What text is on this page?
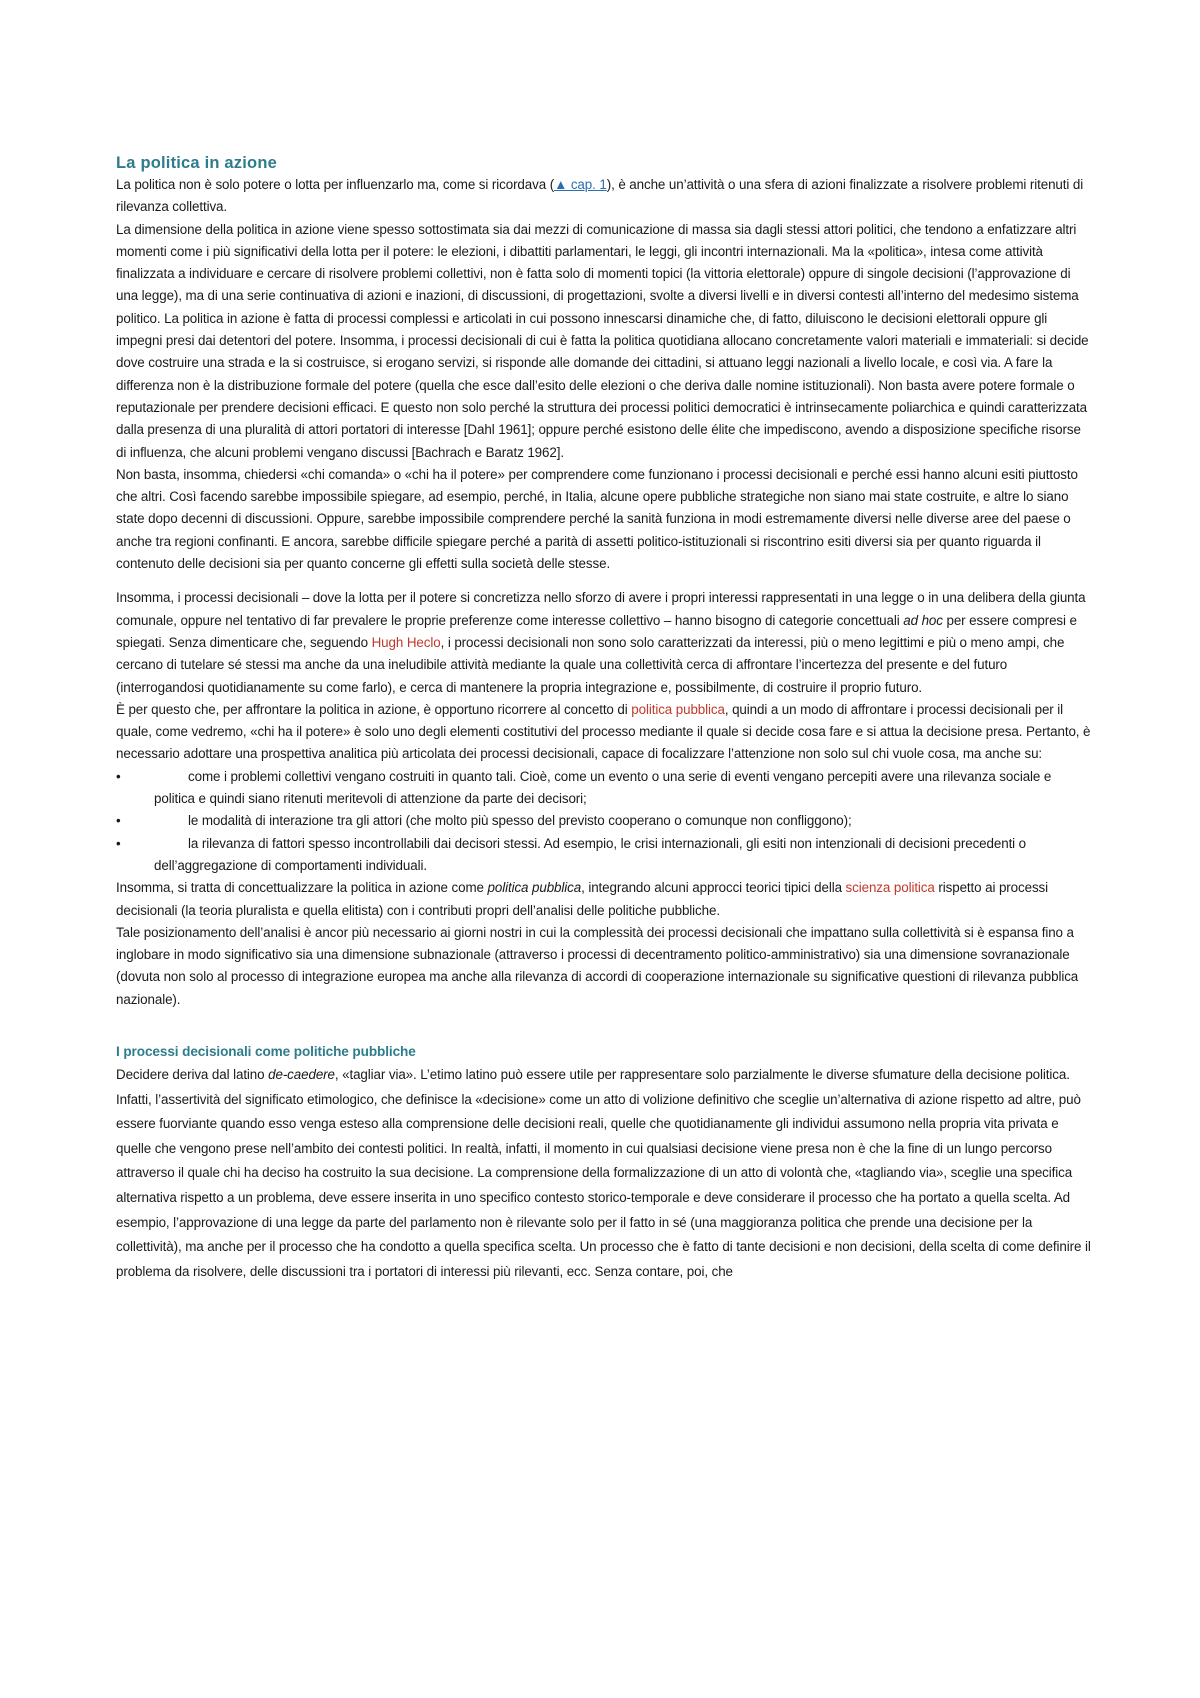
La politica in azione

La politica non è solo potere o lotta per influenzarlo ma, come si ricordava (▲ cap. 1), è anche un’attività o una sfera di azioni finalizzate a risolvere problemi ritenuti di rilevanza collettiva.

La dimensione della politica in azione viene spesso sottostimata sia dai mezzi di comunicazione di massa sia dagli stessi attori politici, che tendono a enfatizzare altri momenti come i più significativi della lotta per il potere: le elezioni, i dibattiti parlamentari, le leggi, gli incontri internazionali. Ma la «politica», intesa come attività finalizzata a individuare e cercare di risolvere problemi collettivi, non è fatta solo di momenti topici (la vittoria elettorale) oppure di singole decisioni (l’approvazione di una legge), ma di una serie continuativa di azioni e inazioni, di discussioni, di progettazioni, svolte a diversi livelli e in diversi contesti all’interno del medesimo sistema politico. La politica in azione è fatta di processi complessi e articolati in cui possono innescarsi dinamiche che, di fatto, diluiscono le decisioni elettorali oppure gli impegni presi dai detentori del potere. Insomma, i processi decisionali di cui è fatta la politica quotidiana allocano concretamente valori materiali e immateriali: si decide dove costruire una strada e la si costruisce, si erogano servizi, si risponde alle domande dei cittadini, si attuano leggi nazionali a livello locale, e così via. A fare la differenza non è la distribuzione formale del potere (quella che esce dall’esito delle elezioni o che deriva dalle nomine istituzionali). Non basta avere potere formale o reputazionale per prendere decisioni efficaci. E questo non solo perché la struttura dei processi politici democratici è intrinsecamente poliarchica e quindi caratterizzata dalla presenza di una pluralità di attori portatori di interesse [Dahl 1961]; oppure perché esistono delle élite che impediscono, avendo a disposizione specifiche risorse di influenza, che alcuni problemi vengano discussi [Bachrach e Baratz 1962].

Non basta, insomma, chiedersi «chi comanda» o «chi ha il potere» per comprendere come funzionano i processi decisionali e perché essi hanno alcuni esiti piuttosto che altri. Così facendo sarebbe impossibile spiegare, ad esempio, perché, in Italia, alcune opere pubbliche strategiche non siano mai state costruite, e altre lo siano state dopo decenni di discussioni. Oppure, sarebbe impossibile comprendere perché la sanità funziona in modi estremamente diversi nelle diverse aree del paese o anche tra regioni confinanti. E ancora, sarebbe difficile spiegare perché a parità di assetti politico-istituzionali si riscontrino esiti diversi sia per quanto riguarda il contenuto delle decisioni sia per quanto concerne gli effetti sulla società delle stesse.

Insomma, i processi decisionali – dove la lotta per il potere si concretizza nello sforzo di avere i propri interessi rappresentati in una legge o in una delibera della giunta comunale, oppure nel tentativo di far prevalere le proprie preferenze come interesse collettivo – hanno bisogno di categorie concettuali ad hoc per essere compresi e spiegati. Senza dimenticare che, seguendo Hugh Heclo, i processi decisionali non sono solo caratterizzati da interessi, più o meno legittimi e più o meno ampi, che cercano di tutelare sé stessi ma anche da una ineludibile attività mediante la quale una collettività cerca di affrontare l’incertezza del presente e del futuro (interrogandosi quotidianamente su come farlo), e cerca di mantenere la propria integrazione e, possibilmente, di costruire il proprio futuro.

È per questo che, per affrontare la politica in azione, è opportuno ricorrere al concetto di politica pubblica, quindi a un modo di affrontare i processi decisionali per il quale, come vedremo, «chi ha il potere» è solo uno degli elementi costitutivi del processo mediante il quale si decide cosa fare e si attua la decisione presa. Pertanto, è necessario adottare una prospettiva analitica più articolata dei processi decisionali, capace di focalizzare l’attenzione non solo sul chi vuole cosa, ma anche su:

•	come i problemi collettivi vengano costruiti in quanto tali. Cioè, come un evento o una serie di eventi vengano percepiti avere una rilevanza sociale e politica e quindi siano ritenuti meritevoli di attenzione da parte dei decisori;
•	le modalità di interazione tra gli attori (che molto più spesso del previsto cooperano o comunque non confliggono);
•	la rilevanza di fattori spesso incontrollabili dai decisori stessi. Ad esempio, le crisi internazionali, gli esiti non intenzionali di decisioni precedenti o dell’aggregazione di comportamenti individuali.

Insomma, si tratta di concettualizzare la politica in azione come politica pubblica, integrando alcuni approcci teorici tipici della scienza politica rispetto ai processi decisionali (la teoria pluralista e quella elitista) con i contributi propri dell’analisi delle politiche pubbliche.

Tale posizionamento dell’analisi è ancor più necessario ai giorni nostri in cui la complessità dei processi decisionali che impattano sulla collettività si è espansa fino a inglobare in modo significativo sia una dimensione subnazionale (attraverso i processi di decentramento politico-amministrativo) sia una dimensione sovranazionale (dovuta non solo al processo di integrazione europea ma anche alla rilevanza di accordi di cooperazione internazionale su significative questioni di rilevanza pubblica nazionale).

I processi decisionali come politiche pubbliche

Decidere deriva dal latino de-caedere, «tagliar via». L’etimo latino può essere utile per rappresentare solo parzialmente le diverse sfumature della decisione politica. Infatti, l’assertività del significato etimologico, che definisce la «decisione» come un atto di volizione definitivo che sceglie un’alternativa di azione rispetto ad altre, può essere fuorviante quando esso venga esteso alla comprensione delle decisioni reali, quelle che quotidianamente gli individui assumono nella propria vita privata e quelle che vengono prese nell’ambito dei contesti politici. In realtà, infatti, il momento in cui qualsiasi decisione viene presa non è che la fine di un lungo percorso attraverso il quale chi ha deciso ha costruito la sua decisione. La comprensione della formalizzazione di un atto di volontà che, «tagliando via», sceglie una specifica alternativa rispetto a un problema, deve essere inserita in uno specifico contesto storico-temporale e deve considerare il processo che ha portato a quella scelta. Ad esempio, l’approvazione di una legge da parte del parlamento non è rilevante solo per il fatto in sé (una maggioranza politica che prende una decisione per la collettività), ma anche per il processo che ha condotto a quella specifica scelta. Un processo che è fatto di tante decisioni e non decisioni, della scelta di come definire il problema da risolvere, delle discussioni tra i portatori di interessi più rilevanti, ecc. Senza contare, poi, che
